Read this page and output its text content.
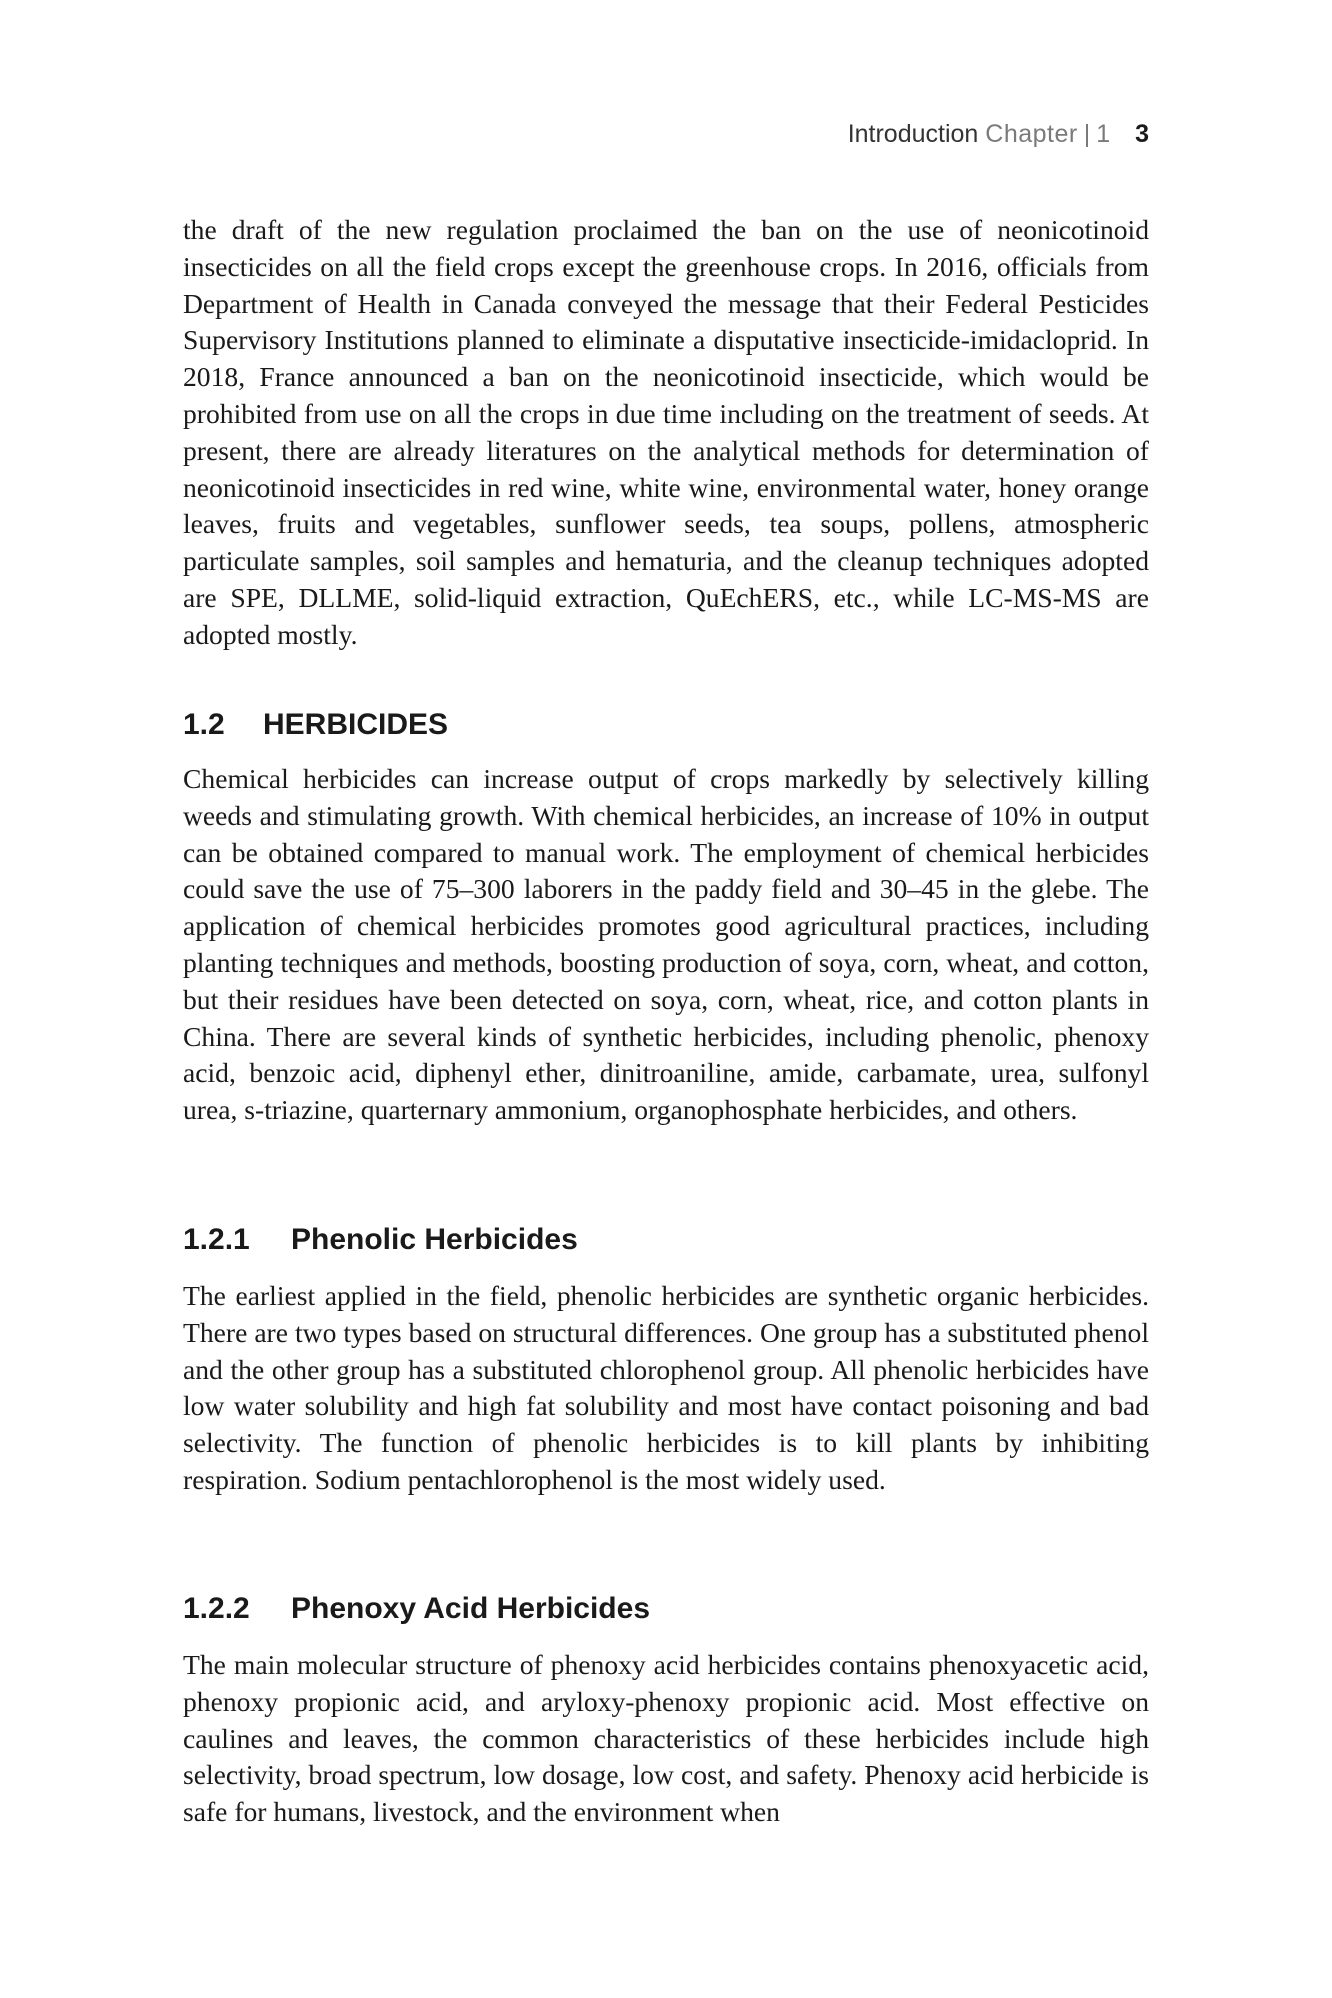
Introduction Chapter | 1 3

the draft of the new regulation proclaimed the ban on the use of neonicotinoid insecticides on all the field crops except the greenhouse crops. In 2016, officials from Department of Health in Canada conveyed the message that their Federal Pesticides Supervisory Institutions planned to eliminate a disputative insecticide-imidacloprid. In 2018, France announced a ban on the neonicotinoid insecticide, which would be prohibited from use on all the crops in due time including on the treatment of seeds. At present, there are already literatures on the analytical methods for determination of neonicotinoid insecticides in red wine, white wine, environmental water, honey orange leaves, fruits and vegetables, sunflower seeds, tea soups, pollens, atmospheric particulate samples, soil samples and hematuria, and the cleanup techniques adopted are SPE, DLLME, solid-liquid extraction, QuEchERS, etc., while LC-MS-MS are adopted mostly.

1.2 HERBICIDES

Chemical herbicides can increase output of crops markedly by selectively killing weeds and stimulating growth. With chemical herbicides, an increase of 10% in output can be obtained compared to manual work. The employment of chemical herbicides could save the use of 75–300 laborers in the paddy field and 30–45 in the glebe. The application of chemical herbicides promotes good agricultural practices, including planting techniques and methods, boosting production of soya, corn, wheat, and cotton, but their residues have been detected on soya, corn, wheat, rice, and cotton plants in China. There are several kinds of synthetic herbicides, including phenolic, phenoxy acid, benzoic acid, diphenyl ether, dinitroaniline, amide, carbamate, urea, sulfonyl urea, s-triazine, quarternary ammonium, organophosphate herbicides, and others.

1.2.1 Phenolic Herbicides

The earliest applied in the field, phenolic herbicides are synthetic organic herbicides. There are two types based on structural differences. One group has a substituted phenol and the other group has a substituted chlorophenol group. All phenolic herbicides have low water solubility and high fat solubility and most have contact poisoning and bad selectivity. The function of phenolic herbicides is to kill plants by inhibiting respiration. Sodium pentachlorophenol is the most widely used.

1.2.2 Phenoxy Acid Herbicides

The main molecular structure of phenoxy acid herbicides contains phenoxyacetic acid, phenoxy propionic acid, and aryloxy-phenoxy propionic acid. Most effective on caulines and leaves, the common characteristics of these herbicides include high selectivity, broad spectrum, low dosage, low cost, and safety. Phenoxy acid herbicide is safe for humans, livestock, and the environment when
